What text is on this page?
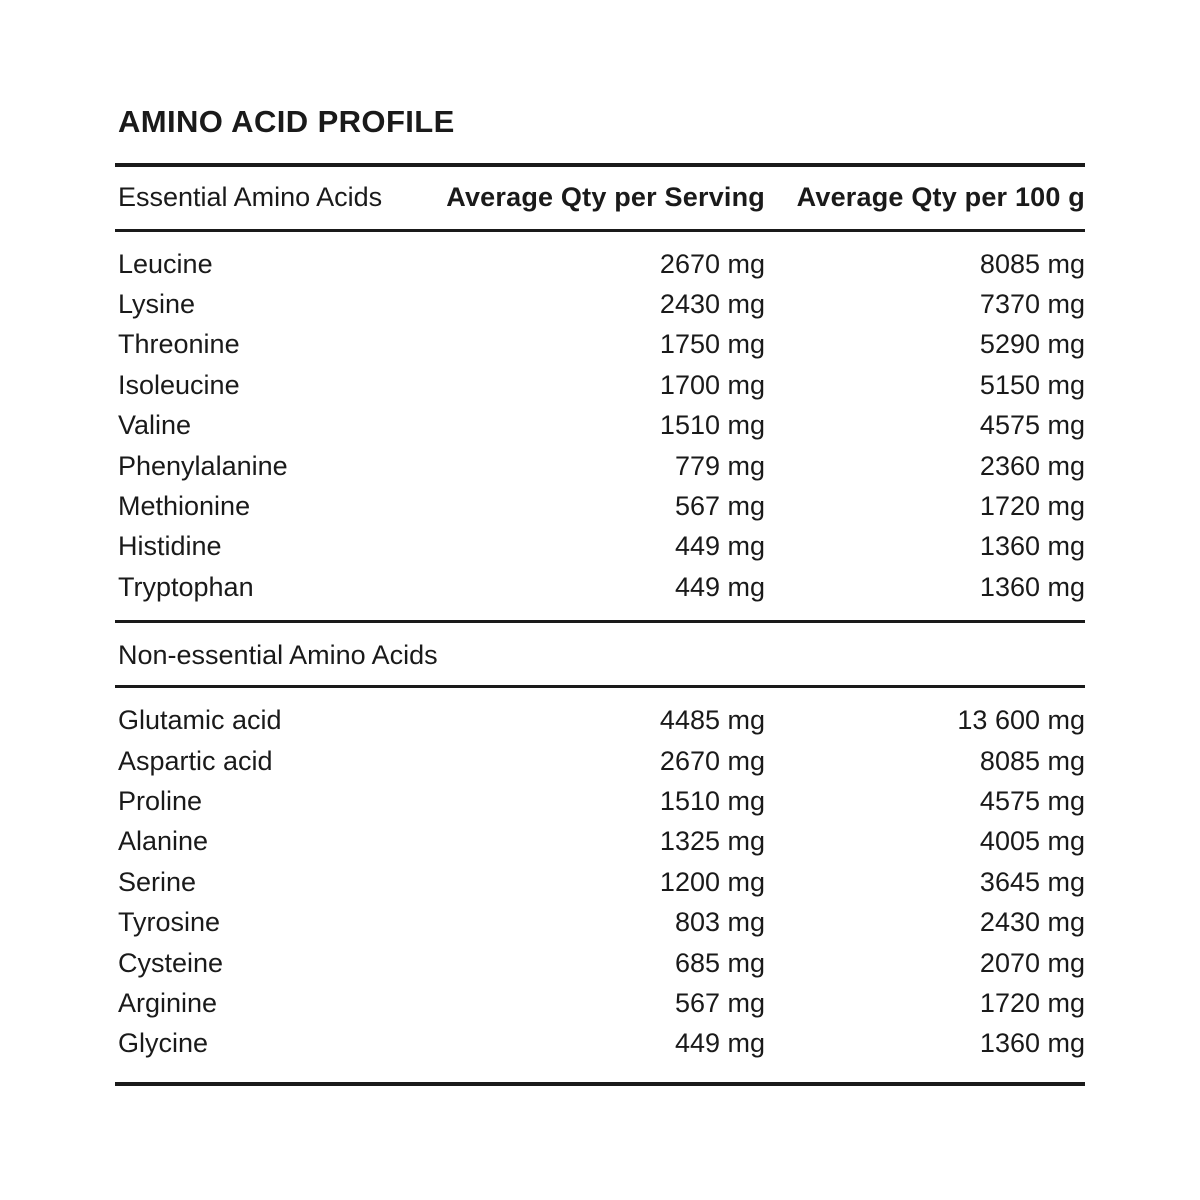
AMINO ACID PROFILE
Essential Amino Acids	Average Qty per Serving	Average Qty per 100 g
Leucine	2670 mg	8085 mg
Lysine	2430 mg	7370 mg
Threonine	1750 mg	5290 mg
Isoleucine	1700 mg	5150 mg
Valine	1510 mg	4575 mg
Phenylalanine	779 mg	2360 mg
Methionine	567 mg	1720 mg
Histidine	449 mg	1360 mg
Tryptophan	449 mg	1360 mg
Non-essential Amino Acids
Glutamic acid	4485 mg	13 600 mg
Aspartic acid	2670 mg	8085 mg
Proline	1510 mg	4575 mg
Alanine	1325 mg	4005 mg
Serine	1200 mg	3645 mg
Tyrosine	803 mg	2430 mg
Cysteine	685 mg	2070 mg
Arginine	567 mg	1720 mg
Glycine	449 mg	1360 mg
